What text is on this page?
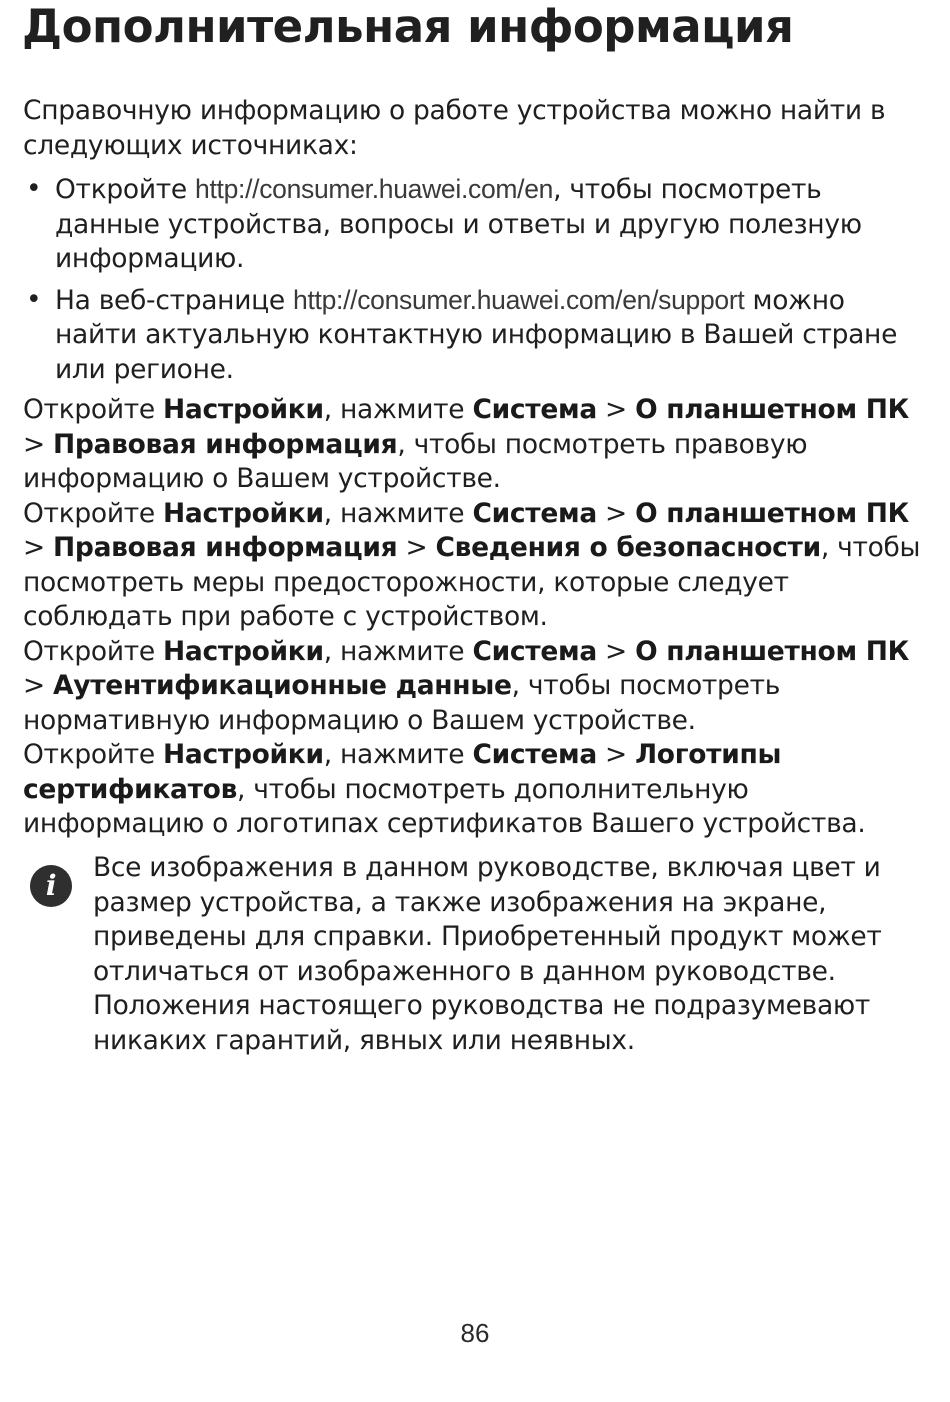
Дополнительная информация

Справочную информацию о работе устройства можно найти в следующих источниках:

• Откройте http://consumer.huawei.com/en, чтобы посмотреть данные устройства, вопросы и ответы и другую полезную информацию.
• На веб-странице http://consumer.huawei.com/en/support можно найти актуальную контактную информацию в Вашей стране или регионе.

Откройте Настройки, нажмите Система > О планшетном ПК > Правовая информация, чтобы посмотреть правовую информацию о Вашем устройстве.

Откройте Настройки, нажмите Система > О планшетном ПК > Правовая информация > Сведения о безопасности, чтобы посмотреть меры предосторожности, которые следует соблюдать при работе с устройством.

Откройте Настройки, нажмите Система > О планшетном ПК > Аутентификационные данные, чтобы посмотреть нормативную информацию о Вашем устройстве.

Откройте Настройки, нажмите Система > Логотипы сертификатов, чтобы посмотреть дополнительную информацию о логотипах сертификатов Вашего устройства.

i

Все изображения в данном руководстве, включая цвет и размер устройства, а также изображения на экране, приведены для справки. Приобретенный продукт может отличаться от изображенного в данном руководстве. Положения настоящего руководства не подразумевают никаких гарантий, явных или неявных.

86
